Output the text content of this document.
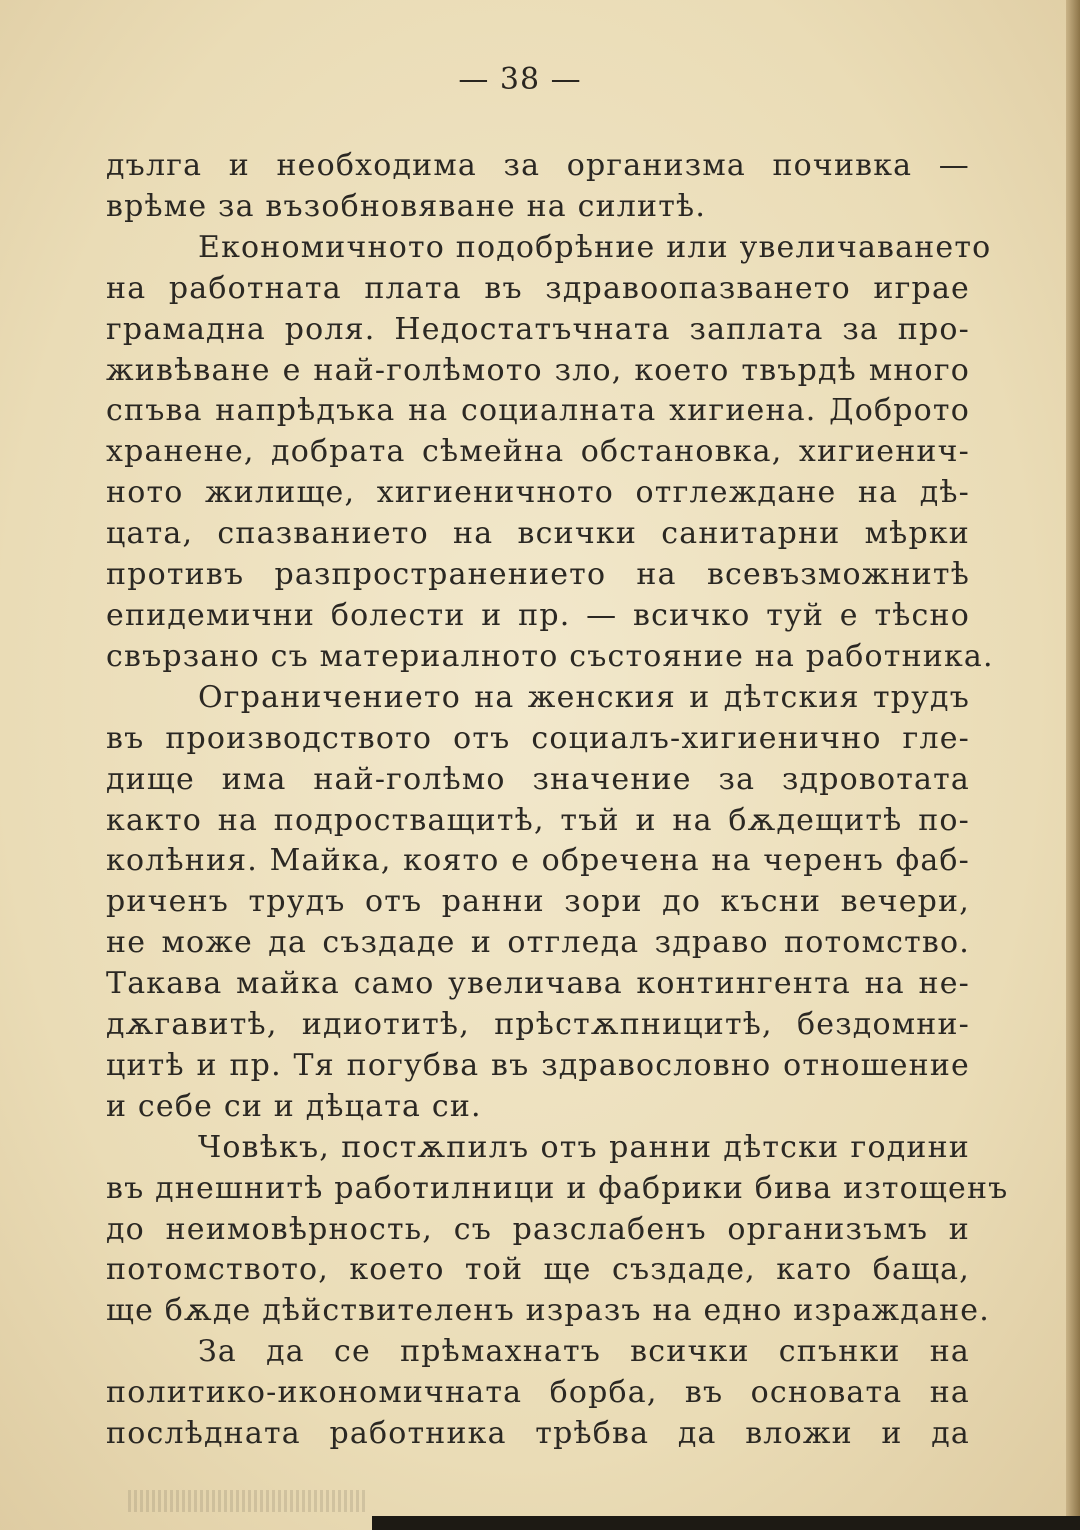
— 38 —
дълга и необходима за организма почивка —
врѣме за възобновяване на силитѣ.
Економичното подобрѣние или увеличаването
на работната плата въ здравоопазването играе
грамадна роля. Недостатъчната заплата за про-
живѣване е най-голѣмото зло, което твърдѣ много
спъва напрѣдъка на социалната хигиена. Доброто
хранене, добрата сѣмейна обстановка, хигиенич-
ното жилище, хигиеничното отглеждане на дѣ-
цата, спазванието на всички санитарни мѣрки
противъ разпространението на всевъзможнитѣ
епидемични болести и пр. — всичко туй е тѣсно
свързано съ материалното състояние на работника.
Ограничението на женския и дѣтския трудъ
въ производството отъ социалъ-хигиенично гле-
дище има най-голѣмо значение за здровотата
както на подростващитѣ, тъй и на бѫдещитѣ по-
колѣния. Майка, която е обречена на черенъ фаб-
риченъ трудъ отъ ранни зори до късни вечери,
не може да създаде и отгледа здраво потомство.
Такава майка само увеличава контингента на не-
дѫгавитѣ, идиотитѣ, прѣстѫпницитѣ, бездомни-
цитѣ и пр. Тя погубва въ здравословно отношение
и себе си и дѣцата си.
Човѣкъ, постѫпилъ отъ ранни дѣтски години
въ днешнитѣ работилници и фабрики бива изтощенъ
до неимовѣрность, съ разслабенъ организъмъ и
потомството, което той ще създаде, като баща,
ще бѫде дѣйствителенъ изразъ на едно израждане.
За да се прѣмахнатъ всички спънки на
политико-икономичната борба, въ основата на
послѣдната работника трѣбва да вложи и да
